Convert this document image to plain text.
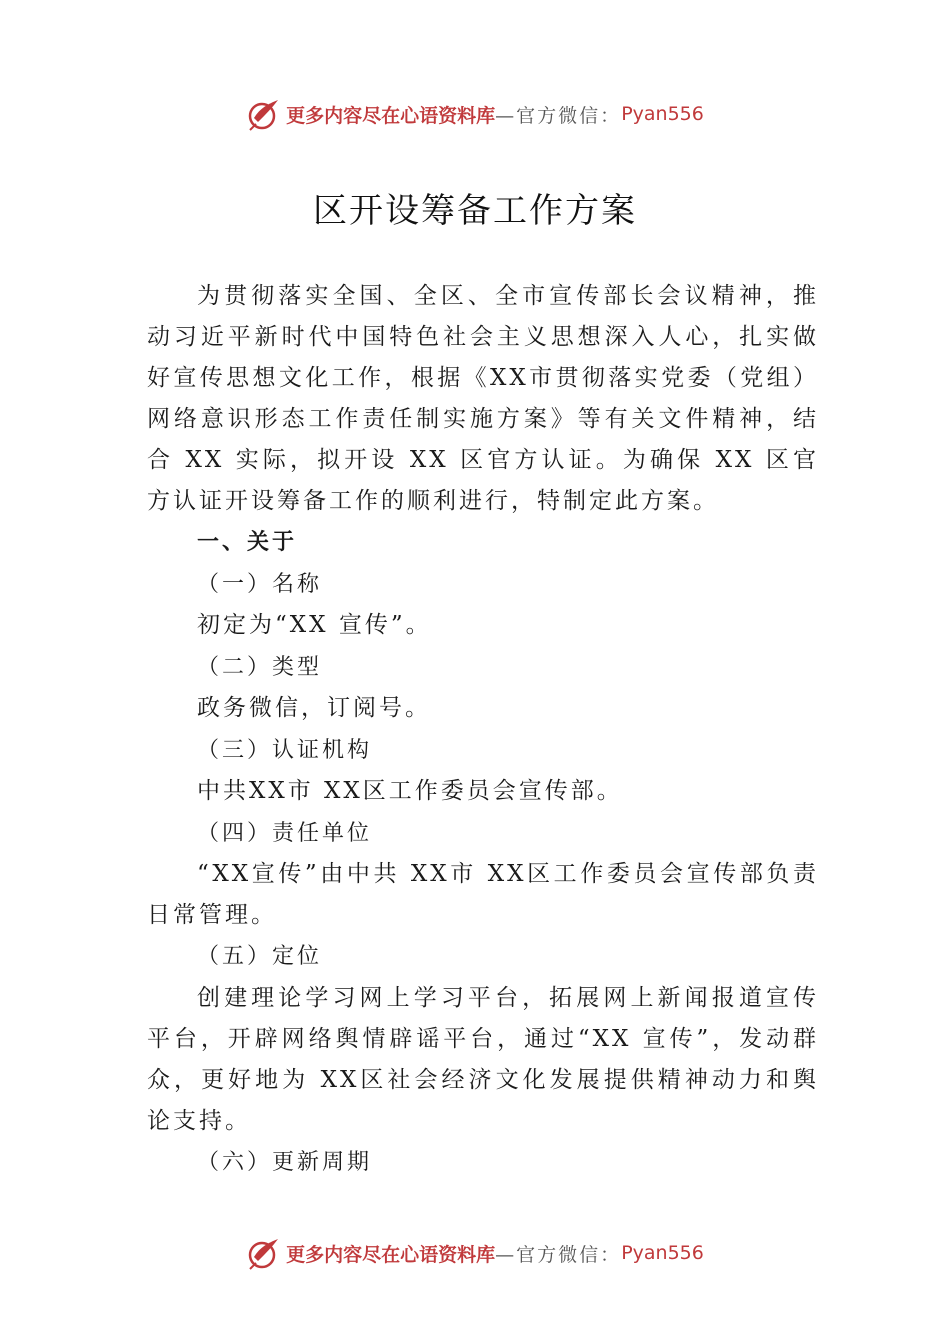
更多内容尽在心语资料库 —官方微信： Pyan556
区开设筹备工作方案

为贯彻落实全国、全区、全市宣传部长会议精神，推动习近平新时代中国特色社会主义思想深入人心，扎实做好宣传思想文化工作，根据《XX市贯彻落实党委（党组）网络意识形态工作责任制实施方案》等有关文件精神，结合 XX 实际，拟开设 XX 区官方认证。为确保 XX 区官方认证开设筹备工作的顺利进行，特制定此方案。

一、关于

（一）名称

初定为“XX 宣传”。

（二）类型

政务微信，订阅号。

（三）认证机构

中共XX市 XX区工作委员会宣传部。

（四）责任单位

“XX宣传”由中共 XX市 XX区工作委员会宣传部负责日常管理。

（五）定位

创建理论学习网上学习平台，拓展网上新闻报道宣传平台，开辟网络舆情辟谣平台，通过“XX 宣传”，发动群众，更好地为 XX区社会经济文化发展提供精神动力和舆论支持。

（六）更新周期

更多内容尽在心语资料库 —官方微信： Pyan556
